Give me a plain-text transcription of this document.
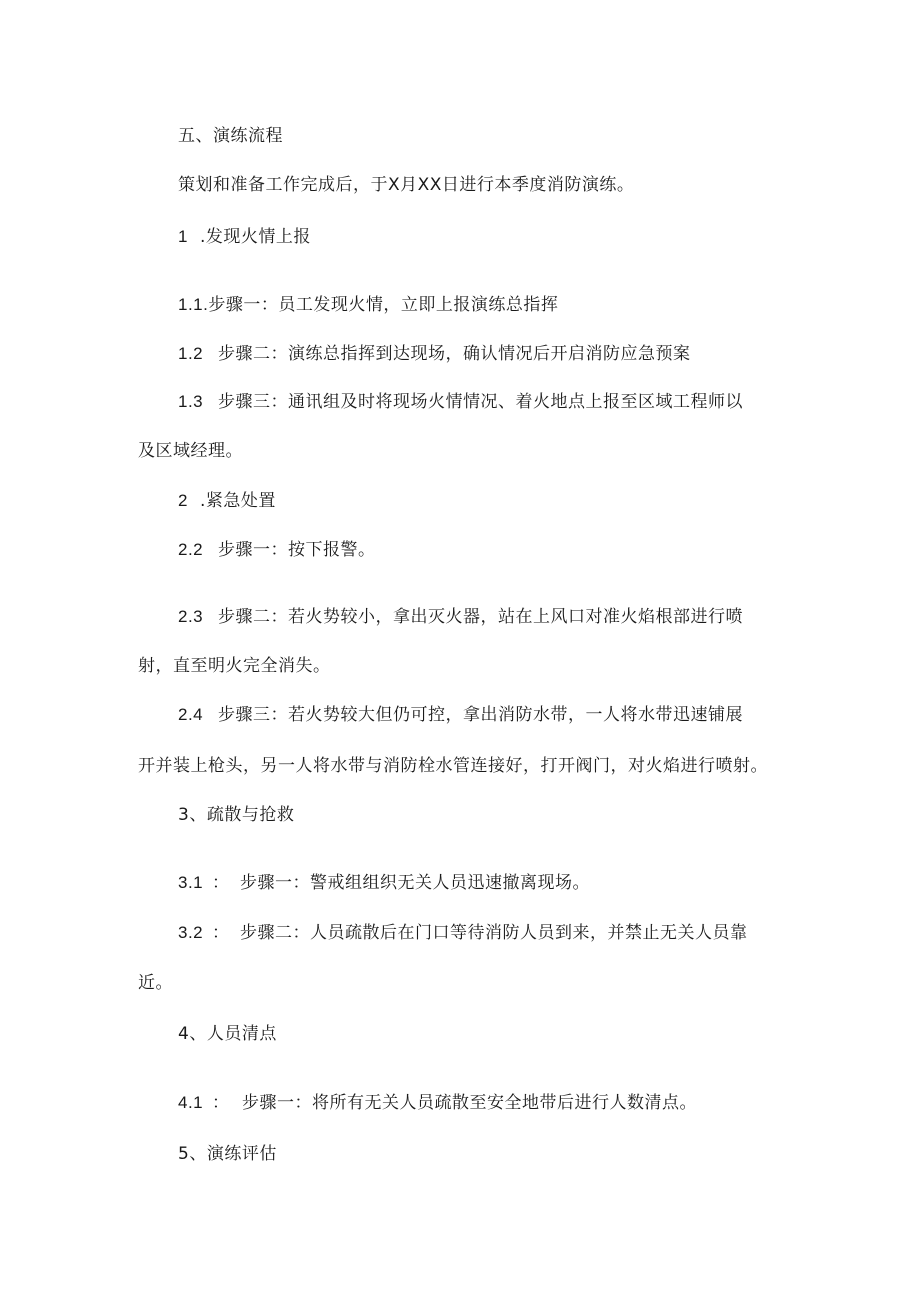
五、演练流程
策划和准备工作完成后，于X月XX日进行本季度消防演练。
1 .发现火情上报
1.1.步骤一：员工发现火情，立即上报演练总指挥
1.2 步骤二：演练总指挥到达现场，确认情况后开启消防应急预案
1.3 步骤三：通讯组及时将现场火情情况、着火地点上报至区域工程师以
及区域经理。
2 .紧急处置
2.2 步骤一：按下报警。
2.3 步骤二：若火势较小，拿出灭火器，站在上风口对准火焰根部进行喷
射，直至明火完全消失。
2.4 步骤三：若火势较大但仍可控，拿出消防水带，一人将水带迅速铺展
开并装上枪头，另一人将水带与消防栓水管连接好，打开阀门，对火焰进行喷射。
3、疏散与抢救
3.1 ： 步骤一：警戒组组织无关人员迅速撤离现场。
3.2 ： 步骤二：人员疏散后在门口等待消防人员到来，并禁止无关人员靠
近。
4、人员清点
4.1 ： 步骤一：将所有无关人员疏散至安全地带后进行人数清点。
5、演练评估
